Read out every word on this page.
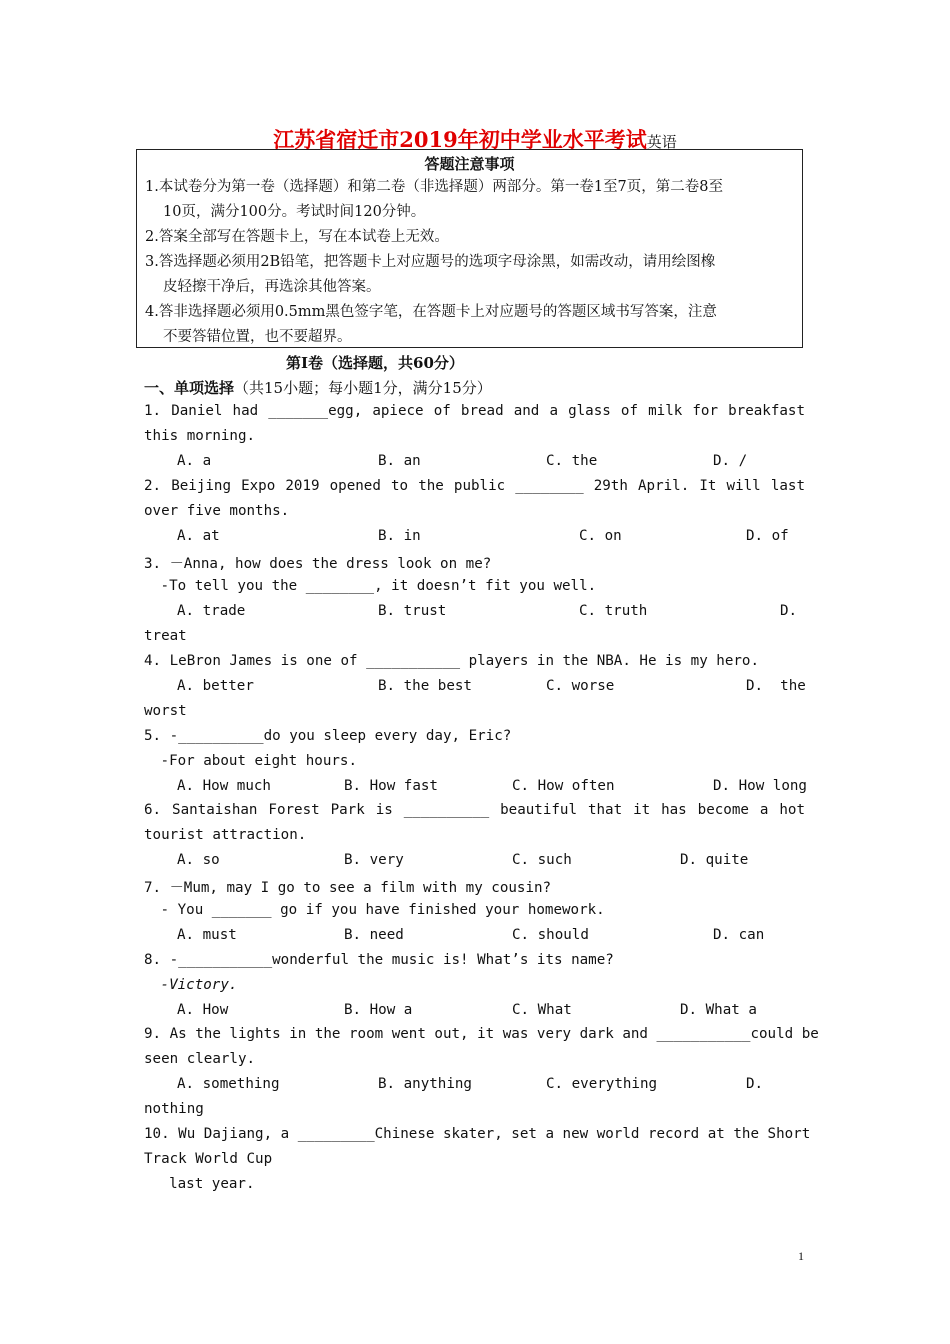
江苏省宿迁市2019年初中学业水平考试英语
答题注意事项

1.本试卷分为第一卷（选择题）和第二卷（非选择题）两部分。第一卷1至7页，第二卷8至
10页，满分100分。考试时间120分钟。

2.答案全部写在答题卡上，写在本试卷上无效。

3.答选择题必须用2B铅笔，把答题卡上对应题号的选项字母涂黑，如需改动，请用绘图橡
皮轻擦干净后，再选涂其他答案。

4.答非选择题必须用0.5mm黑色签字笔，在答题卡上对应题号的答题区域书写答案，注意
不要答错位置，也不要超界。

第Ⅰ卷（选择题，共60分）
一、单项选择（共15小题；每小题1分，满分15分）
1. Daniel had _______egg, apiece of bread and a glass of milk for breakfast
this morning.
A. a	B. an	C. the	D. /
2. Beijing Expo 2019 opened to the public ________ 29th April. It will last
over five months.
A. at	B. in	C. on	D. of
3. －Anna, how does the dress look on me?
-To tell you the ________, it doesn’t fit you well.
A. trade	B. trust	C. truth	D.
treat
4. LeBron James is one of ___________ players in the NBA. He is my hero.
A. better	B. the best	C. worse	D.  the
worst
5. -__________do you sleep every day, Eric?
-For about eight hours.
A. How much	B. How fast	C. How often	D. How long
6. Santaishan Forest Park is __________ beautiful that it has become a hot
tourist attraction.
A. so	B. very	C. such	D. quite
7. －Mum, may I go to see a film with my cousin?
- You _______ go if you have finished your homework.
A. must	B. need	C. should	D. can
8. -___________wonderful the music is! What’s its name?
-Victory.
A. How	B. How a	C. What	D. What a
9. As the lights in the room went out, it was very dark and ___________could be
seen clearly.
A. something	B. anything	C. everything	D.
nothing
10. Wu Dajiang, a _________Chinese skater, set a new world record at the Short
Track World Cup
last year.
1
